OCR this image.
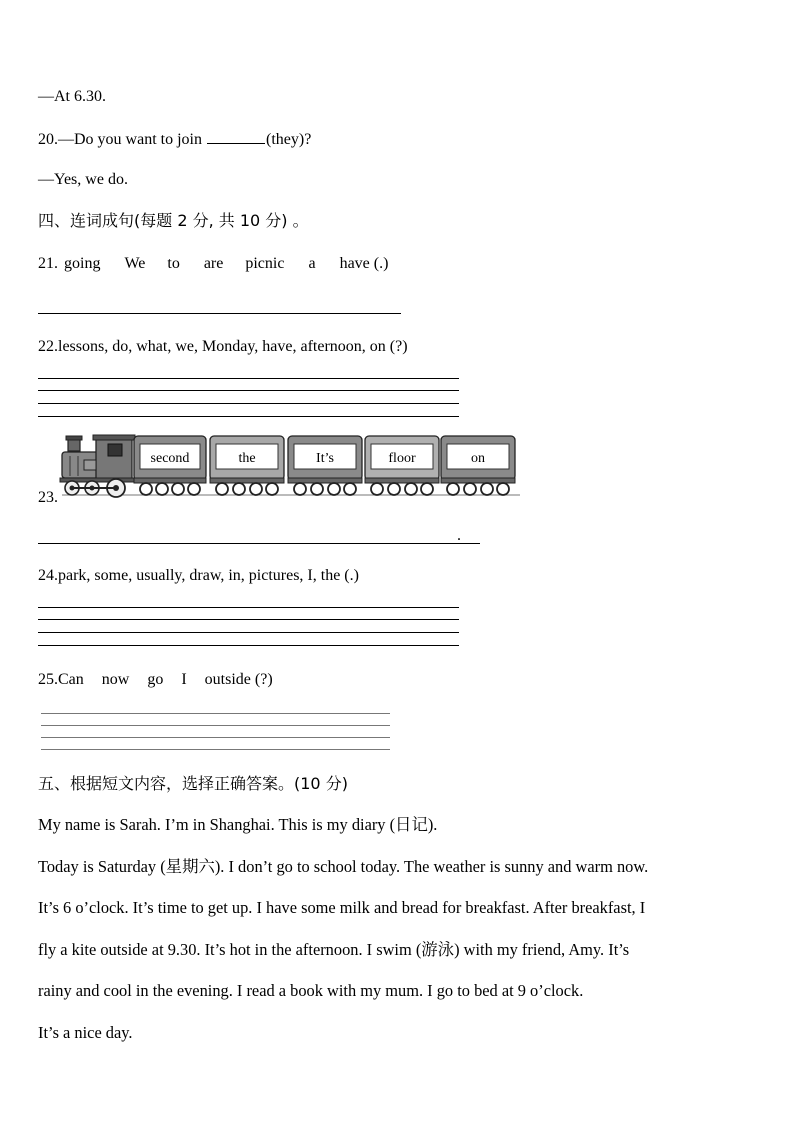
—At 6.30.
20.—Do you want to join	(they)?
—Yes, we do.
四、连词成句(每题 2 分, 共 10 分) 。
21. going We to are picnic a have (.)
22.lessons, do, what, we, Monday, have, afternoon, on (?)
23.
second	the	It’s	floor	on
.
24.park, some, usually, draw, in, pictures, I, the (.)
25.Can now go I outside (?)
五、根据短文内容，选择正确答案。(10 分)
My name is Sarah. I’m in Shanghai. This is my diary (日记).
Today is Saturday (星期六). I don’t go to school today. The weather is sunny and warm now.
It’s 6 o’clock. It’s time to get up. I have some milk and bread for breakfast. After breakfast, I
fly a kite outside at 9.30. It’s hot in the afternoon. I swim (游泳) with my friend, Amy. It’s
rainy and cool in the evening. I read a book with my mum. I go to bed at 9 o’clock.
It’s a nice day.
